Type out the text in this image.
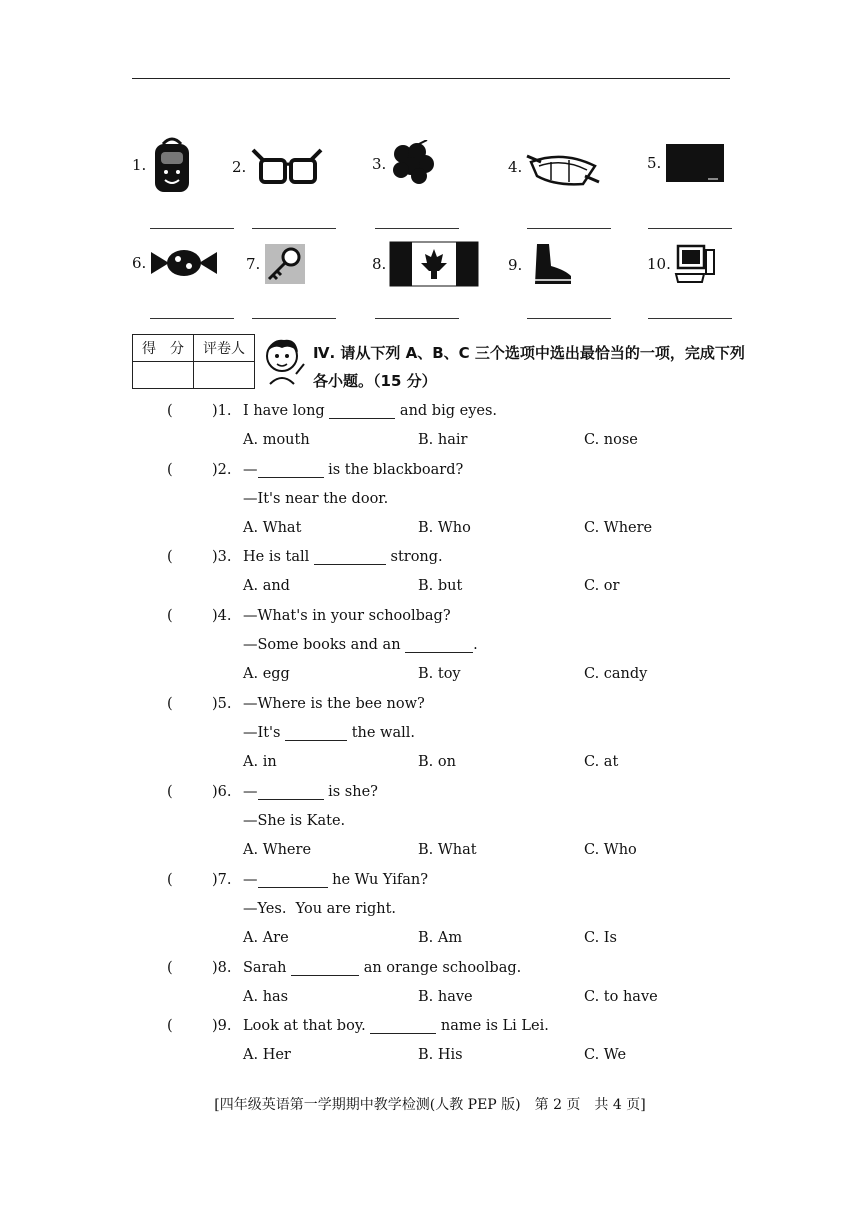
1.	2.	3.	4.	5.
6.	7.	8.	9.	10.
得　分	评卷人
		Ⅳ. 请从下列 A、B、C 三个选项中选出最恰当的一项，完成下列各小题。（15 分）
(	)1. I have long	and big eyes.
A. mouth	B. hair	C. nose
(	)2. —	is the blackboard?
—It's near the door.
A. What	B. Who	C. Where
(	)3. He is tall	strong.
A. and	B. but	C. or
(	)4. —What's in your schoolbag?
—Some books and an	.
A. egg	B. toy	C. candy
(	)5. —Where is the bee now?
—It's	the wall.
A. in	B. on	C. at
(	)6. —	is she?
—She is Kate.
A. Where	B. What	C. Who
(	)7. —	he Wu Yifan?
—Yes.  You are right.
A. Are	B. Am	C. Is
(	)8. Sarah	an orange schoolbag.
A. has	B. have	C. to have
(	)9. Look at that boy.	name is Li Lei.
A. Her	B. His	C. We
[四年级英语第一学期期中教学检测(人教 PEP 版)　第 2 页　共 4 页]
